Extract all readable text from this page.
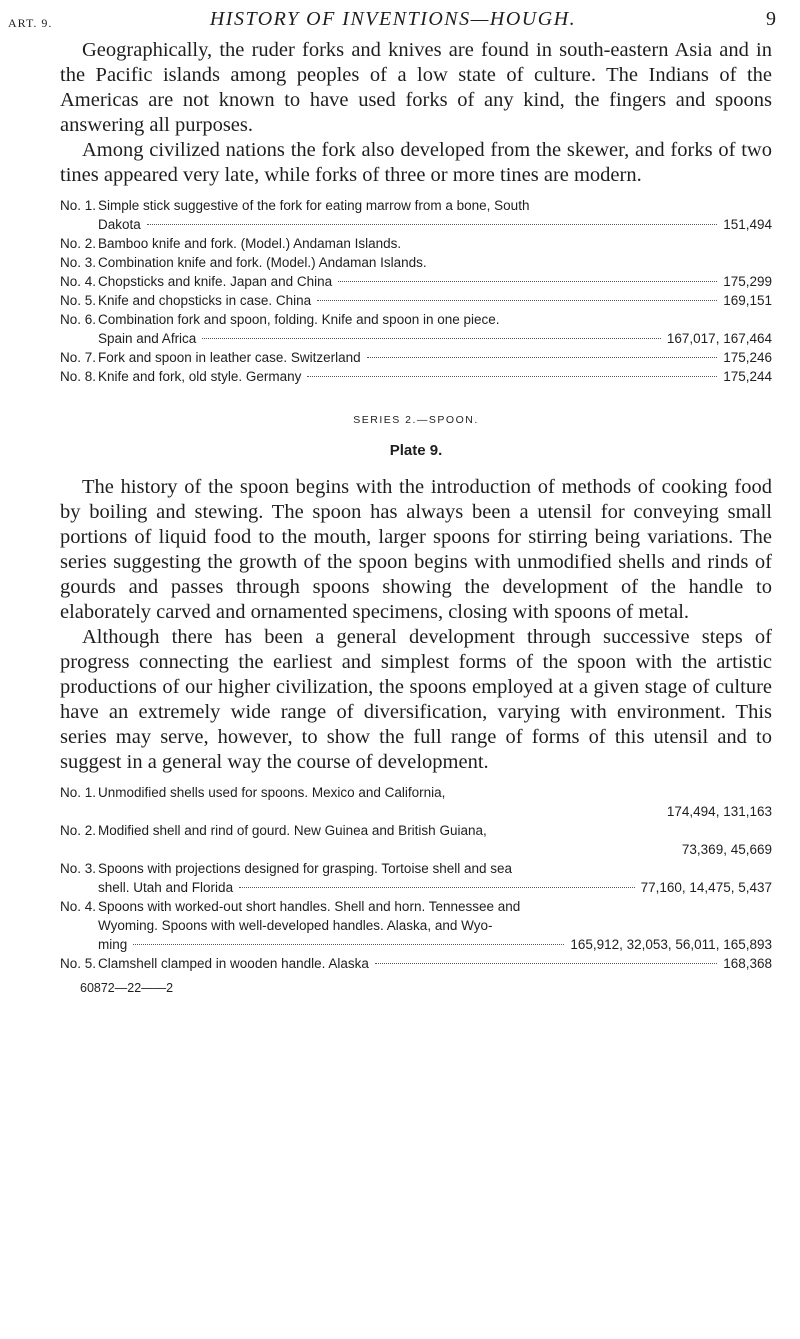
ART. 9.	HISTORY OF INVENTIONS—HOUGH.	9

Geographically, the ruder forks and knives are found in south-eastern Asia and in the Pacific islands among peoples of a low state of culture. The Indians of the Americas are not known to have used forks of any kind, the fingers and spoons answering all purposes.

Among civilized nations the fork also developed from the skewer, and forks of two tines appeared very late, while forks of three or more tines are modern.

No. 1. Simple stick suggestive of the fork for eating marrow from a bone, South
Dakota	151,494
No. 2. Bamboo knife and fork. (Model.) Andaman Islands.
No. 3. Combination knife and fork. (Model.) Andaman Islands.
No. 4. Chopsticks and knife. Japan and China	175,299
No. 5. Knife and chopsticks in case. China	169,151
No. 6. Combination fork and spoon, folding. Knife and spoon in one piece.
Spain and Africa	167,017, 167,464
No. 7. Fork and spoon in leather case. Switzerland	175,246
No. 8. Knife and fork, old style. Germany	175,244
SERIES 2.—SPOON.
Plate 9.

The history of the spoon begins with the introduction of methods of cooking food by boiling and stewing. The spoon has always been a utensil for conveying small portions of liquid food to the mouth, larger spoons for stirring being variations. The series suggesting the growth of the spoon begins with unmodified shells and rinds of gourds and passes through spoons showing the development of the handle to elaborately carved and ornamented specimens, closing with spoons of metal.

Although there has been a general development through successive steps of progress connecting the earliest and simplest forms of the spoon with the artistic productions of our higher civilization, the spoons employed at a given stage of culture have an extremely wide range of diversification, varying with environment. This series may serve, however, to show the full range of forms of this utensil and to suggest in a general way the course of development.

No. 1. Unmodified shells used for spoons. Mexico and California,
174,494, 131,163
No. 2. Modified shell and rind of gourd. New Guinea and British Guiana,
73,369, 45,669
No. 3. Spoons with projections designed for grasping. Tortoise shell and sea
shell. Utah and Florida	77,160, 14,475, 5,437
No. 4. Spoons with worked-out short handles. Shell and horn. Tennessee and
Wyoming. Spoons with well-developed handles. Alaska, and Wyo-
ming	165,912, 32,053, 56,011, 165,893
No. 5. Clamshell clamped in wooden handle. Alaska	168,368
60872—22——2
